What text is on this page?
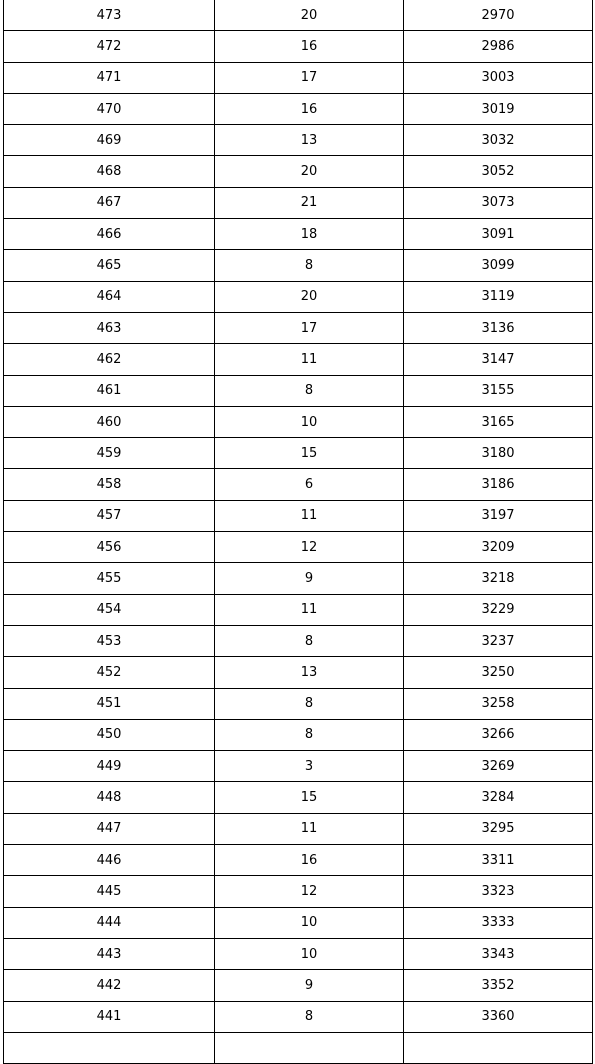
473	20	2970
472	16	2986
471	17	3003
470	16	3019
469	13	3032
468	20	3052
467	21	3073
466	18	3091
465	8	3099
464	20	3119
463	17	3136
462	11	3147
461	8	3155
460	10	3165
459	15	3180
458	6	3186
457	11	3197
456	12	3209
455	9	3218
454	11	3229
453	8	3237
452	13	3250
451	8	3258
450	8	3266
449	3	3269
448	15	3284
447	11	3295
446	16	3311
445	12	3323
444	10	3333
443	10	3343
442	9	3352
441	8	3360
